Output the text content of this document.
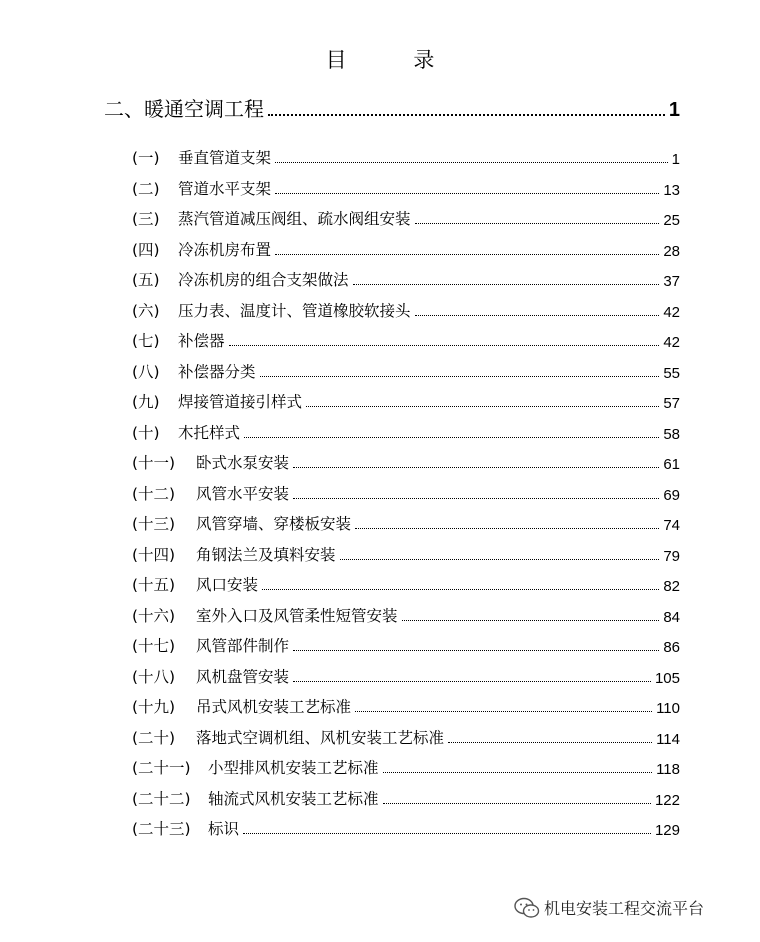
目 录
二、暖通空调工程	1
(一)	垂直管道支架	1
(二)	管道水平支架	13
(三)	蒸汽管道减压阀组、疏水阀组安装	25
(四)	冷冻机房布置	28
(五)	冷冻机房的组合支架做法	37
(六)	压力表、温度计、管道橡胶软接头	42
(七)	补偿器	42
(八)	补偿器分类	55
(九)	焊接管道接引样式	57
(十)	木托样式	58
(十一)	卧式水泵安装	61
(十二)	风管水平安装	69
(十三)	风管穿墙、穿楼板安装	74
(十四)	角钢法兰及填料安装	79
(十五)	风口安装	82
(十六)	室外入口及风管柔性短管安装	84
(十七)	风管部件制作	86
(十八)	风机盘管安装	105
(十九)	吊式风机安装工艺标准	110
(二十)	落地式空调机组、风机安装工艺标准	114
(二十一)	小型排风机安装工艺标准	118
(二十二)	轴流式风机安装工艺标准	122
(二十三)	标识	129
机电安装工程交流平台
